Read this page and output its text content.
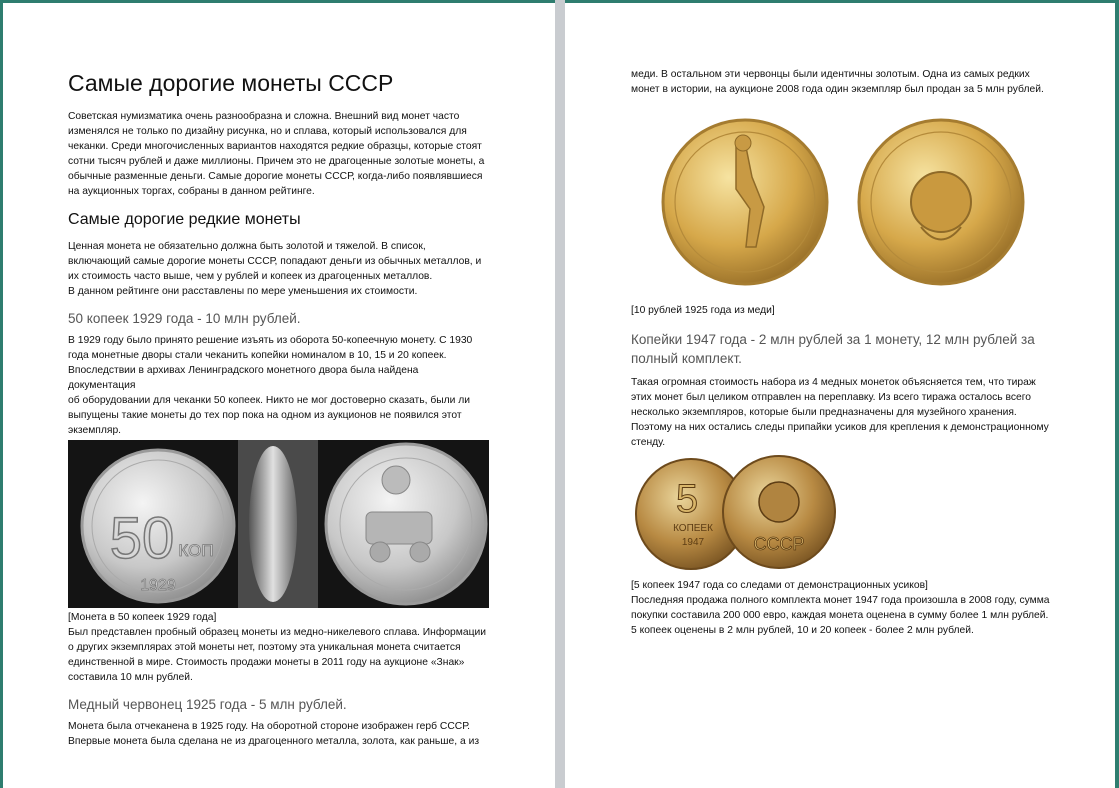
Самые дорогие монеты СССР

Советская нумизматика очень разнообразна и сложна. Внешний вид монет часто
изменялся не только по дизайну рисунка, но и сплава, который использовался для
чеканки. Среди многочисленных вариантов находятся редкие образцы, которые стоят
сотни тысяч рублей и даже миллионы. Причем это не драгоценные золотые монеты, а
обычные разменные деньги. Самые дорогие монеты СССР, когда-либо появлявшиеся
на аукционных торгах, собраны в данном рейтинге.

Самые дорогие редкие монеты

Ценная монета не обязательно должна быть золотой и тяжелой. В список,
включающий самые дорогие монеты СССР, попадают деньги из обычных металлов, и
их стоимость часто выше, чем у рублей и копеек из драгоценных металлов.
В данном рейтинге они расставлены по мере уменьшения их стоимости.

50 копеек 1929 года - 10 млн рублей.

В 1929 году было принято решение изъять из оборота 50-копеечную монету. С 1930
года монетные дворы стали чеканить копейки номиналом в 10, 15 и 20 копеек.
Впоследствии в архивах Ленинградского монетного двора была найдена документация
об оборудовании для чеканки 50 копеек. Никто не мог достоверно сказать, были ли
выпущены такие монеты до тех пор пока на одном из аукционов не появился этот
экземпляр.

50 КОП
1929

[Монета в 50 копеек 1929 года]

Был представлен пробный образец монеты из медно-никелевого сплава. Информации
о других экземплярах этой монеты нет, поэтому эта уникальная монета считается
единственной в мире. Стоимость продажи монеты в 2011 году на аукционе «Знак»
составила 10 млн рублей.

Медный червонец 1925 года - 5 млн рублей.

Монета была отчеканена в 1925 году. На оборотной стороне изображен герб СССР.
Впервые монета была сделана не из драгоценного металла, золота, как раньше, а из

меди. В остальном эти червонцы были идентичны золотым. Одна из самых редких
монет в истории, на аукционе 2008 года один экземпляр был продан за 5 млн рублей.

[10 рублей 1925 года из меди]

Копейки 1947 года - 2 млн рублей за 1 монету, 12 млн рублей за полный комплект.

Такая огромная стоимость набора из 4 медных монеток объясняется тем, что тираж
этих монет был целиком отправлен на переплавку. Из всего тиража осталось всего
несколько экземпляров, которые были предназначены для музейного хранения.
Поэтому на них остались следы припайки усиков для крепления к демонстрационному
стенду.

5
КОПЕЕК
1947	СССР

[5 копеек 1947 года со следами от демонстрационных усиков]

Последняя продажа полного комплекта монет 1947 года произошла в 2008 году, сумма
покупки составила 200 000 евро, каждая монета оценена в сумму более 1 млн рублей.
5 копеек оценены в 2 млн рублей, 10 и 20 копеек - более 2 млн рублей.
